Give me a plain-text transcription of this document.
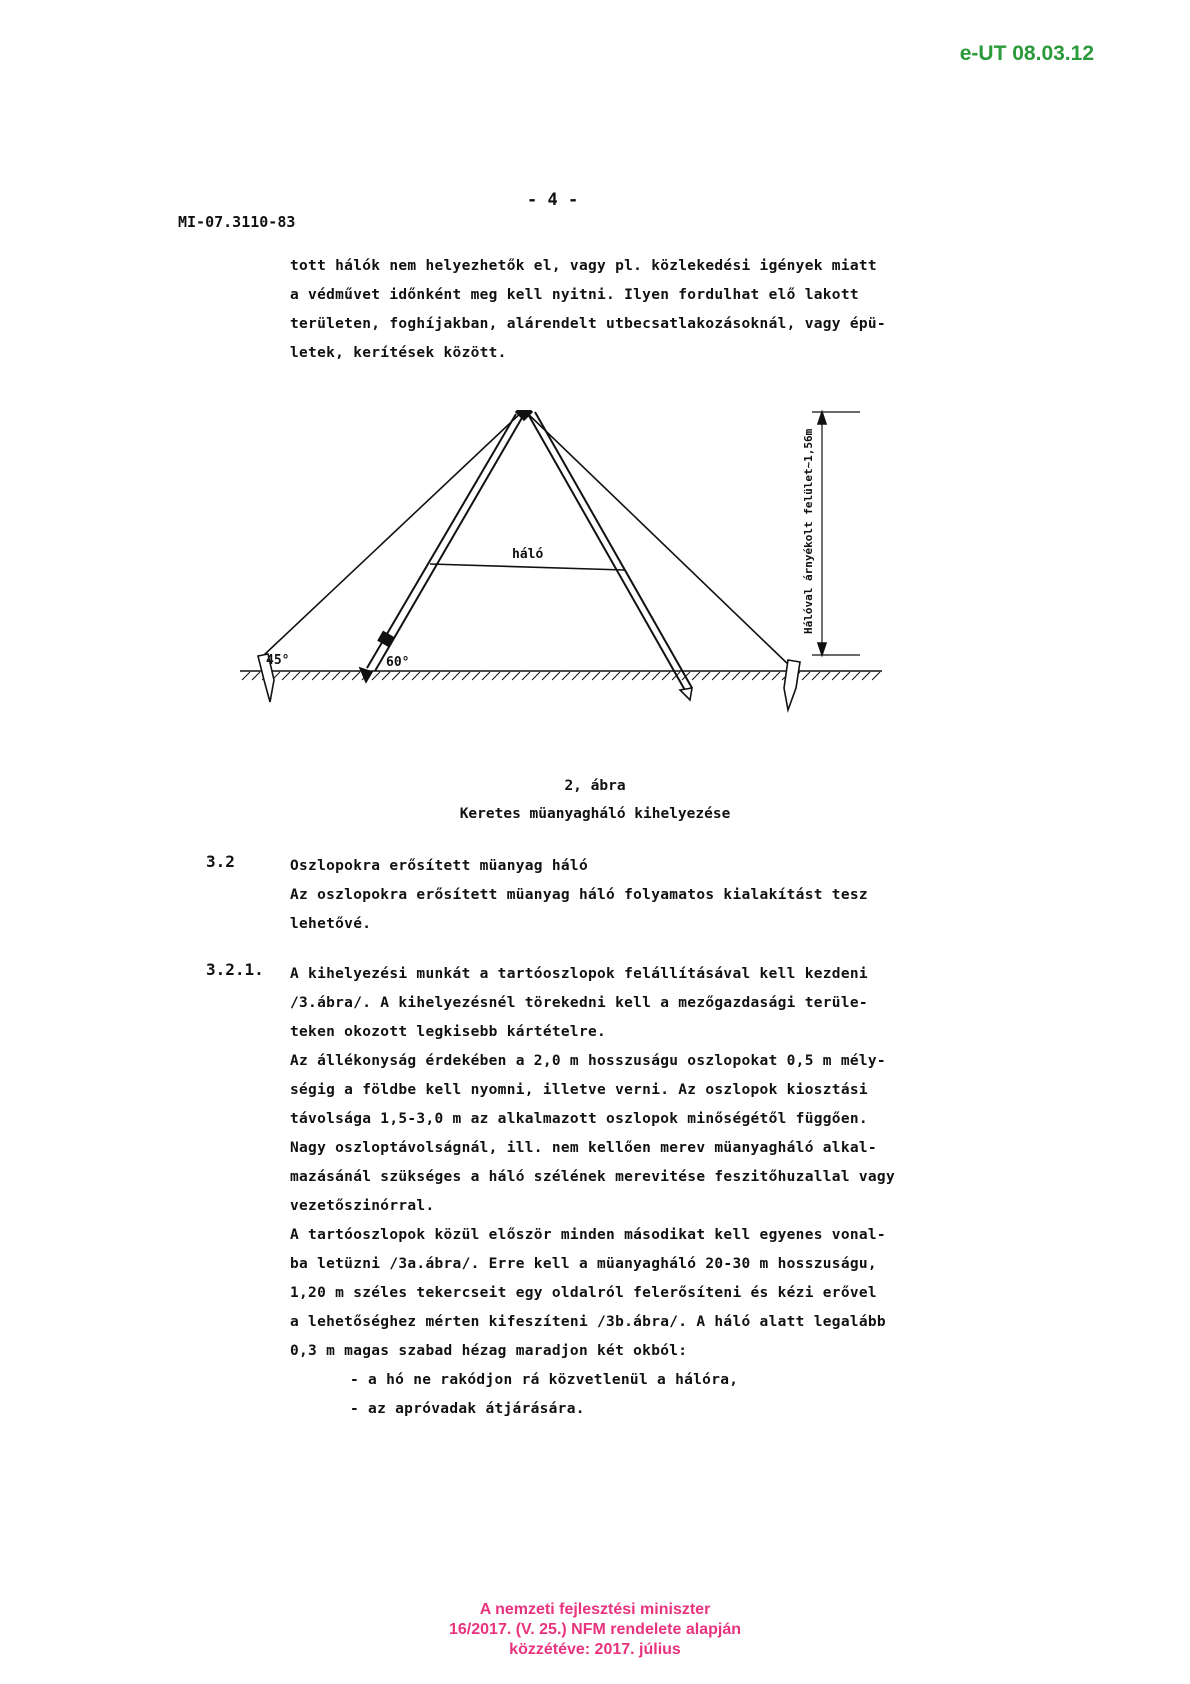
e-UT 08.03.12
- 4 -
MI-07.3110-83
tott hálók nem helyezhetők el, vagy pl. közlekedési igények miatt
a védművet időnként meg kell nyitni. Ilyen fordulhat elő lakott
területen, foghíjakban, alárendelt utbecsatlakozásoknál, vagy épü-
letek, kerítések között.
háló
45°	60°
Hálóval árnyékolt felület~1,56m
2, ábra
Keretes müanyagháló kihelyezése
3.2	Oszlopokra erősített müanyag háló
Az oszlopokra erősített müanyag háló folyamatos kialakítást tesz
lehetővé.
3.2.1. A kihelyezési munkát a tartóoszlopok felállításával kell kezdeni
/3.ábra/. A kihelyezésnél törekedni kell a mezőgazdasági terüle-
teken okozott legkisebb kártételre.
Az állékonyság érdekében a 2,0 m hosszuságu oszlopokat 0,5 m mély-
ségig a földbe kell nyomni, illetve verni. Az oszlopok kiosztási
távolsága 1,5-3,0 m az alkalmazott oszlopok minőségétől függően.
Nagy oszloptávolságnál, ill. nem kellően merev müanyagháló alkal-
mazásánál szükséges a háló szélének merevitése feszitőhuzallal vagy
vezetőszinórral.
A tartóoszlopok közül először minden másodikat kell egyenes vonal-
ba letüzni /3a.ábra/. Erre kell a müanyagháló 20-30 m hosszuságu,
1,20 m széles tekercseit egy oldalról felerősíteni és kézi erővel
a lehetőséghez mérten kifeszíteni /3b.ábra/. A háló alatt legalább
0,3 m magas szabad hézag maradjon két okból:
- a hó ne rakódjon rá közvetlenül a hálóra,
- az apróvadak átjárására.
A nemzeti fejlesztési miniszter
16/2017. (V. 25.) NFM rendelete alapján
közzétéve: 2017. július
